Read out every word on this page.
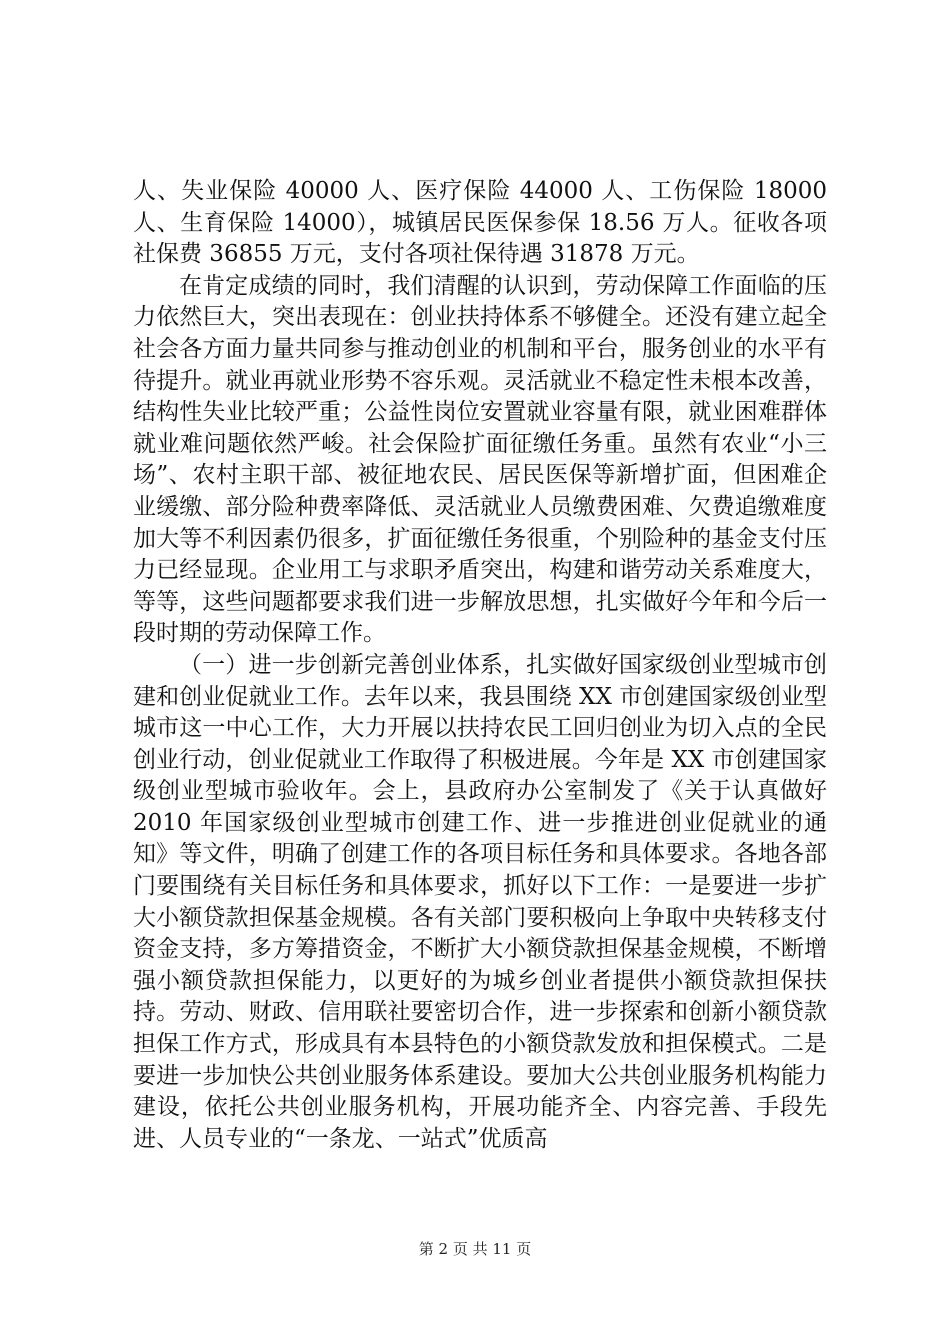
人、失业保险 40000 人、医疗保险 44000 人、工伤保险 18000 人、生育保险 14000），城镇居民医保参保 18.56 万人。征收各项社保费 36855 万元，支付各项社保待遇 31878 万元。

在肯定成绩的同时，我们清醒的认识到，劳动保障工作面临的压力依然巨大，突出表现在：创业扶持体系不够健全。还没有建立起全社会各方面力量共同参与推动创业的机制和平台，服务创业的水平有待提升。就业再就业形势不容乐观。灵活就业不稳定性未根本改善，结构性失业比较严重；公益性岗位安置就业容量有限，就业困难群体就业难问题依然严峻。社会保险扩面征缴任务重。虽然有农业“小三场”、农村主职干部、被征地农民、居民医保等新增扩面，但困难企业缓缴、部分险种费率降低、灵活就业人员缴费困难、欠费追缴难度加大等不利因素仍很多，扩面征缴任务很重，个别险种的基金支付压力已经显现。企业用工与求职矛盾突出，构建和谐劳动关系难度大，等等，这些问题都要求我们进一步解放思想，扎实做好今年和今后一段时期的劳动保障工作。

（一）进一步创新完善创业体系，扎实做好国家级创业型城市创建和创业促就业工作。去年以来，我县围绕 XX 市创建国家级创业型城市这一中心工作，大力开展以扶持农民工回归创业为切入点的全民创业行动，创业促就业工作取得了积极进展。今年是 XX 市创建国家级创业型城市验收年。会上，县政府办公室制发了《关于认真做好 2010 年国家级创业型城市创建工作、进一步推进创业促就业的通知》等文件，明确了创建工作的各项目标任务和具体要求。各地各部门要围绕有关目标任务和具体要求，抓好以下工作：一是要进一步扩大小额贷款担保基金规模。各有关部门要积极向上争取中央转移支付资金支持，多方筹措资金，不断扩大小额贷款担保基金规模，不断增强小额贷款担保能力，以更好的为城乡创业者提供小额贷款担保扶持。劳动、财政、信用联社要密切合作，进一步探索和创新小额贷款担保工作方式，形成具有本县特色的小额贷款发放和担保模式。二是要进一步加快公共创业服务体系建设。要加大公共创业服务机构能力建设，依托公共创业服务机构，开展功能齐全、内容完善、手段先进、人员专业的“一条龙、一站式”优质高

第 2 页 共 11 页
